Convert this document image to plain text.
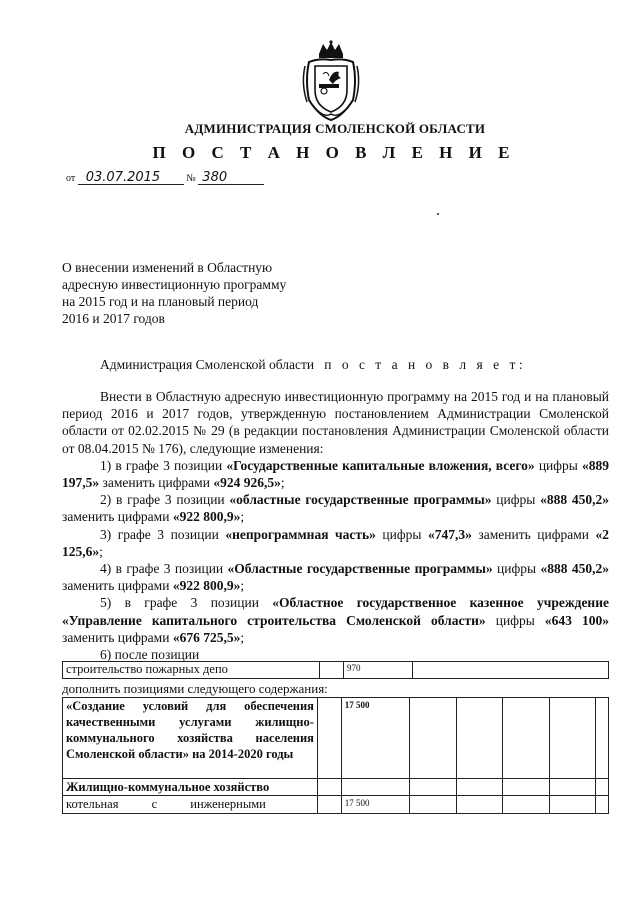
АДМИНИСТРАЦИЯ СМОЛЕНСКОЙ ОБЛАСТИ
П О С Т А Н О В Л Е Н И Е
от 03.07.2015	№ 380
О внесении изменений в Областную
адресную инвестиционную программу
на 2015 год и на плановый период
2016 и 2017 годов
Администрация Смоленской области п о с т а н о в л я е т:

Внести в Областную адресную инвестиционную программу на 2015 год и на плановый период 2016 и 2017 годов, утвержденную постановлением Администрации Смоленской области от 02.02.2015 № 29 (в редакции постановления Администрации Смоленской области от 08.04.2015 № 176), следующие изменения:

1) в графе 3 позиции «Государственные капитальные вложения, всего» цифры «889 197,5» заменить цифрами «924 926,5»;

2) в графе 3 позиции «областные государственные программы» цифры «888 450,2» заменить цифрами «922 800,9»;

3) графе 3 позиции «непрограммная часть» цифры «747,3» заменить цифрами «2 125,6»;

4) в графе 3 позиции «Областные государственные программы» цифры «888 450,2» заменить цифрами «922 800,9»;

5) в графе 3 позиции «Областное государственное казенное учреждение «Управление капитального строительства Смоленской области» цифры «643 100» заменить цифрами «676 725,5»;

6) после позиции

строительство пожарных депо		970	
дополнить позициями следующего содержания:
«Создание условий для обеспечения качественными услугами жилищно-коммунального хозяйства населения Смоленской области» на 2014-2020 годы		17 500					
Жилищно-коммунальное хозяйство							
котельная с инженерными		17 500					
